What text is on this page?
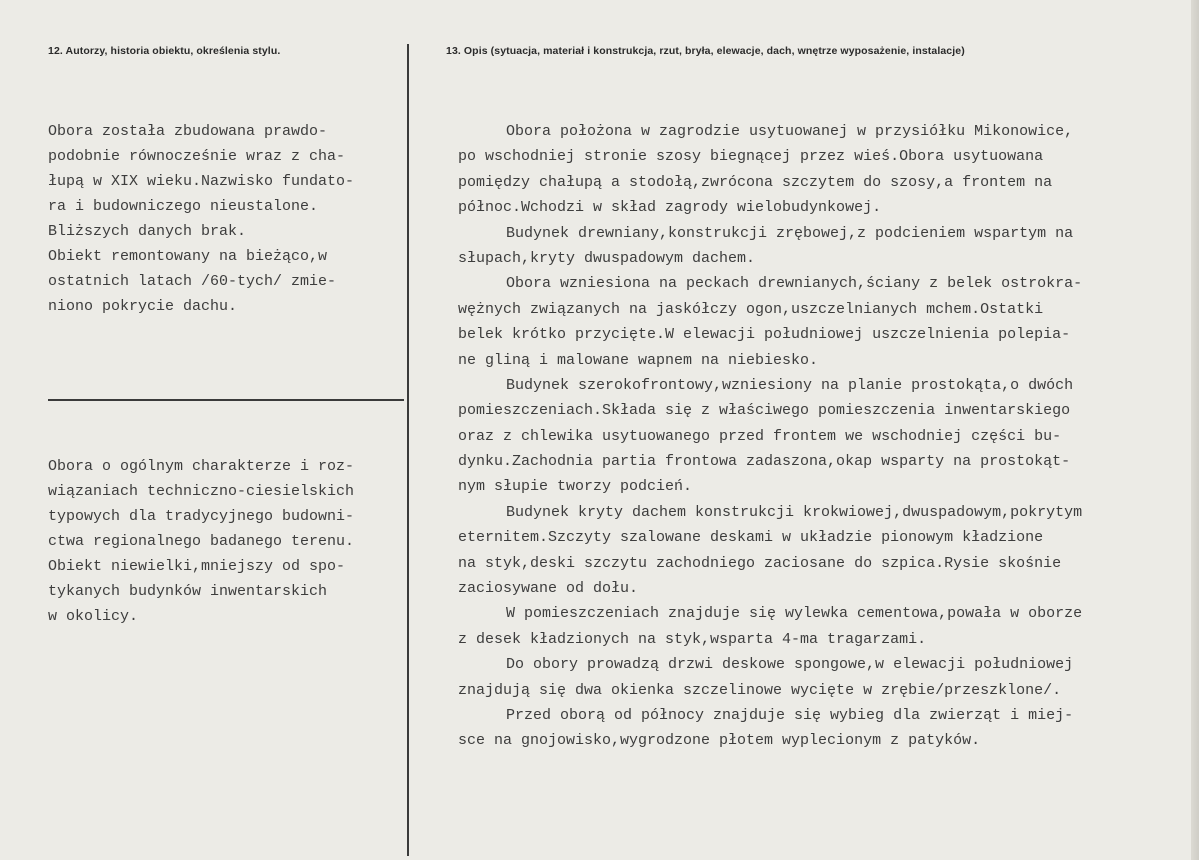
12. Autorzy, historia obiektu, określenia stylu.
Obora została zbudowana prawdo-
podobnie równocześnie wraz z cha-
łupą w XIX wieku.Nazwisko fundato-
ra i budowniczego nieustalone.
Bliższych danych brak.
Obiekt remontowany na bieżąco,w
ostatnich latach /60-tych/ zmie-
niono pokrycie dachu.
Obora o ogólnym charakterze i roz-
wiązaniach techniczno-ciesielskich
typowych dla tradycyjnego budowni-
ctwa regionalnego badanego terenu.
Obiekt niewielki,mniejszy od spo-
tykanych budynków inwentarskich
w okolicy.
13. Opis (sytuacja, materiał i konstrukcja, rzut, bryła, elewacje, dach, wnętrze wyposażenie, instalacje)
Obora położona w zagrodzie usytuowanej w przysiółku Mikonowice,
po wschodniej stronie szosy biegnącej przez wieś.Obora usytuowana
pomiędzy chałupą a stodołą,zwrócona szczytem do szosy,a frontem na
północ.Wchodzi w skład zagrody wielobudynkowej.
Budynek drewniany,konstrukcji zrębowej,z podcieniem wspartym na
słupach,kryty dwuspadowym dachem.
Obora wzniesiona na peckach drewnianych,ściany z belek ostrokra-
wężnych związanych na jaskółczy ogon,uszczelnianych mchem.Ostatki
belek krótko przycięte.W elewacji południowej uszczelnienia polepia-
ne gliną i malowane wapnem na niebiesko.
Budynek szerokofrontowy,wzniesiony na planie prostokąta,o dwóch
pomieszczeniach.Składa się z właściwego pomieszczenia inwentarskiego
oraz z chlewika usytuowanego przed frontem we wschodniej części bu-
dynku.Zachodnia partia frontowa zadaszona,okap wsparty na prostokąt-
nym słupie tworzy podcień.
Budynek kryty dachem konstrukcji krokwiowej,dwuspadowym,pokrytym
eternitem.Szczyty szalowane deskami w układzie pionowym kładzione
na styk,deski szczytu zachodniego zaciosane do szpica.Rysie skośnie
zaciosywane od dołu.
W pomieszczeniach znajduje się wylewka cementowa,powała w oborze
z desek kładzionych na styk,wsparta 4-ma tragarzami.
Do obory prowadzą drzwi deskowe spongowe,w elewacji południowej
znajdują się dwa okienka szczelinowe wycięte w zrębie/przeszklone/.
Przed oborą od północy znajduje się wybieg dla zwierząt i miej-
sce na gnojowisko,wygrodzone płotem wyplecionym z patyków.
